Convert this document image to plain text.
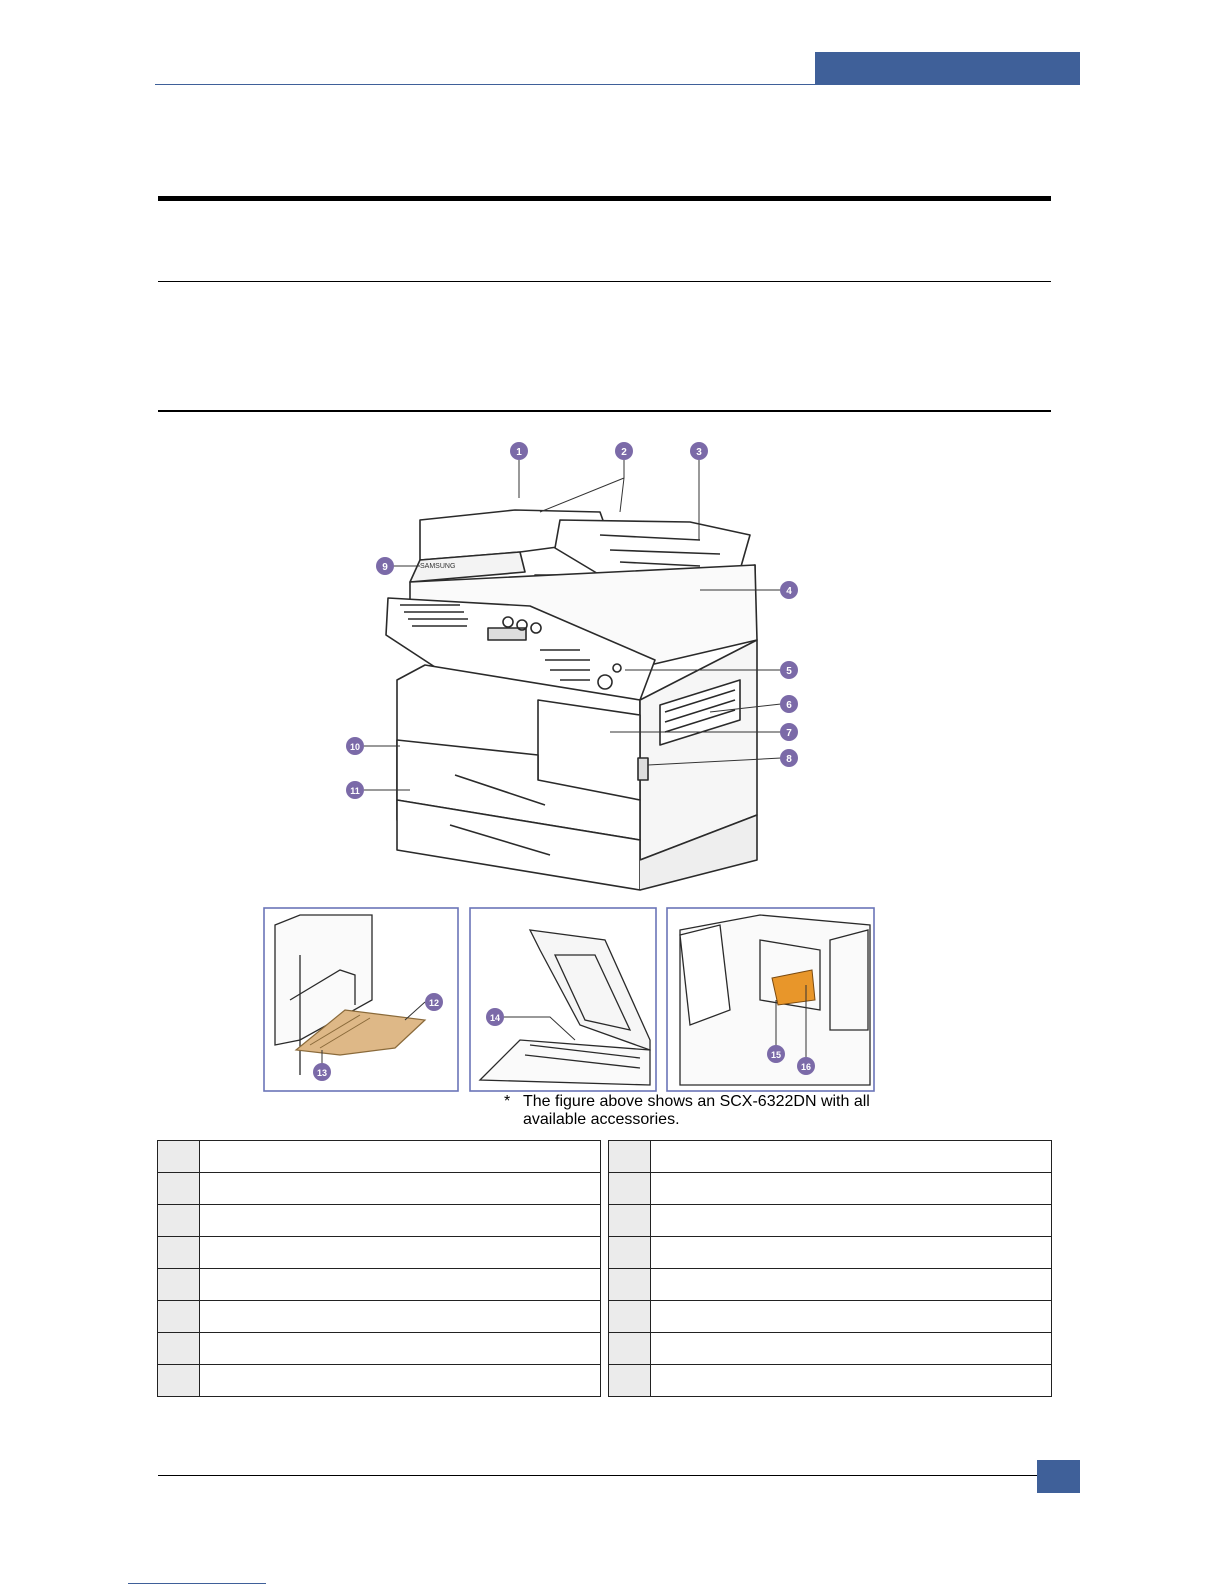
SAMSUNG
1	2	3
4
5
6
7
8
9
10
11
12
13
14
15
16
* The figure above shows an SCX-6322DN with all available accessories.
